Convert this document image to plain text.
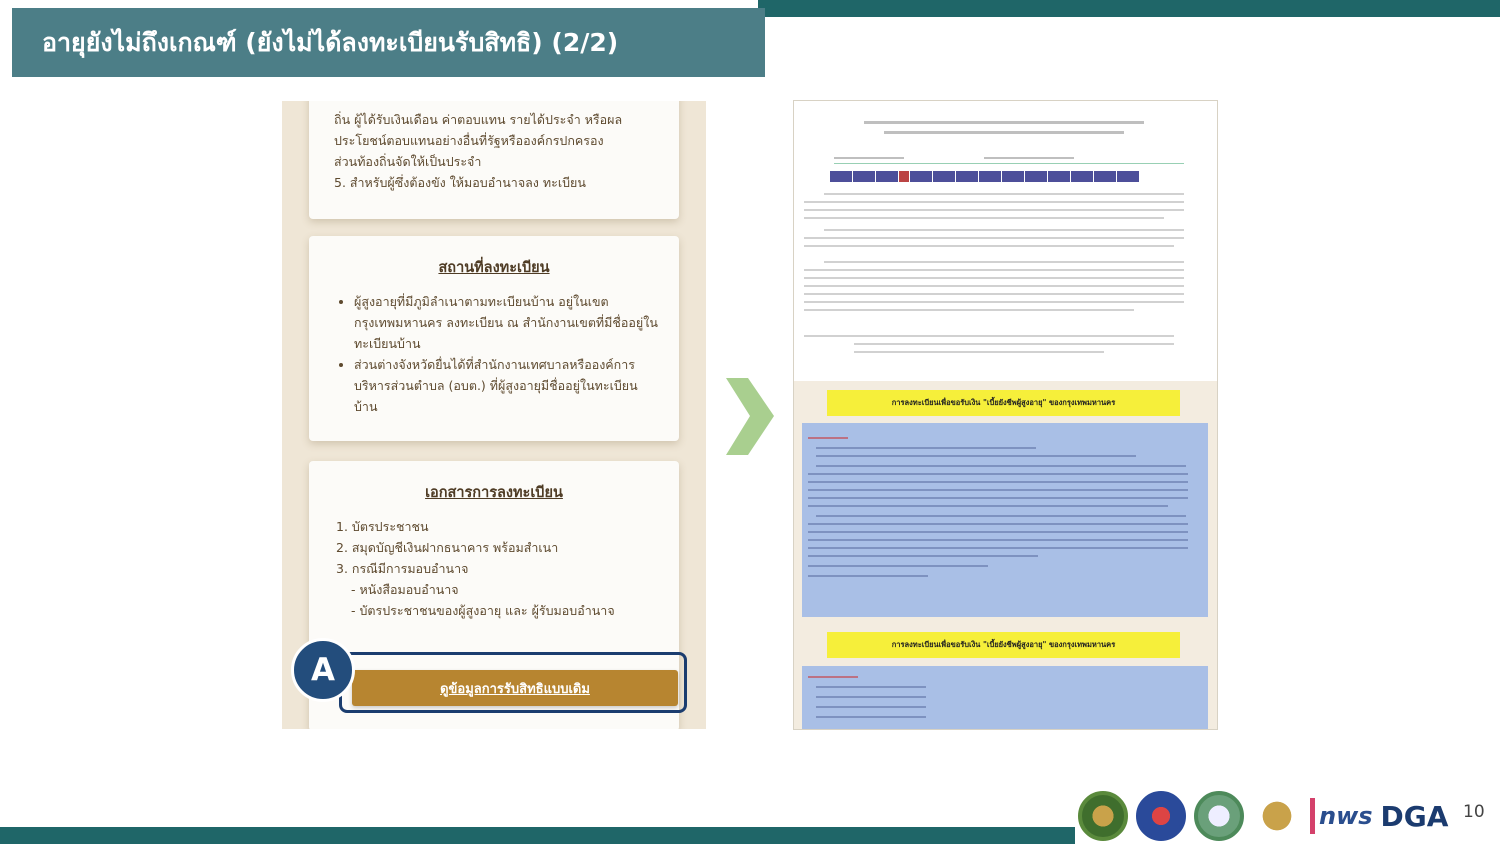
อายุยังไม่ถึงเกณฑ์ (ยังไม่ได้ลงทะเบียนรับสิทธิ) (2/2)

ถิ่น ผู้ได้รับเงินเดือน ค่าตอบแทน รายได้ประจำ หรือผล

ประโยชน์ตอบแทนอย่างอื่นที่รัฐหรือองค์กรปกครอง

ส่วนท้องถิ่นจัดให้เป็นประจำ

5. สำหรับผู้ซึ่งต้องขัง ให้มอบอำนาจลง ทะเบียน

สถานที่ลงทะเบียน
• ผู้สูงอายุที่มีภูมิลำเนาตามทะเบียนบ้าน อยู่ในเขตกรุงเทพมหานคร ลงทะเบียน ณ สำนักงานเขตที่มีชื่ออยู่ในทะเบียนบ้าน
• ส่วนต่างจังหวัดยื่นได้ที่สำนักงานเทศบาลหรือองค์การบริหารส่วนตำบล (อบต.) ที่ผู้สูงอายุมีชื่ออยู่ในทะเบียนบ้าน
เอกสารการลงทะเบียน

1. บัตรประชาชน

2. สมุดบัญชีเงินฝากธนาคาร พร้อมสำเนา

3. กรณีมีการมอบอำนาจ

- หนังสือมอบอำนาจ

- บัตรประชาชนของผู้สูงอายุ และ ผู้รับมอบอำนาจ

ดูข้อมูลการรับสิทธิแบบเดิม
A
การลงทะเบียนเพื่อขอรับเงิน "เบี้ยยังชีพผู้สูงอายุ" ของกรุงเทพมหานคร
การลงทะเบียนเพื่อขอรับเงิน "เบี้ยยังชีพผู้สูงอายุ" ของกรุงเทพมหานคร
nws DGA 10
